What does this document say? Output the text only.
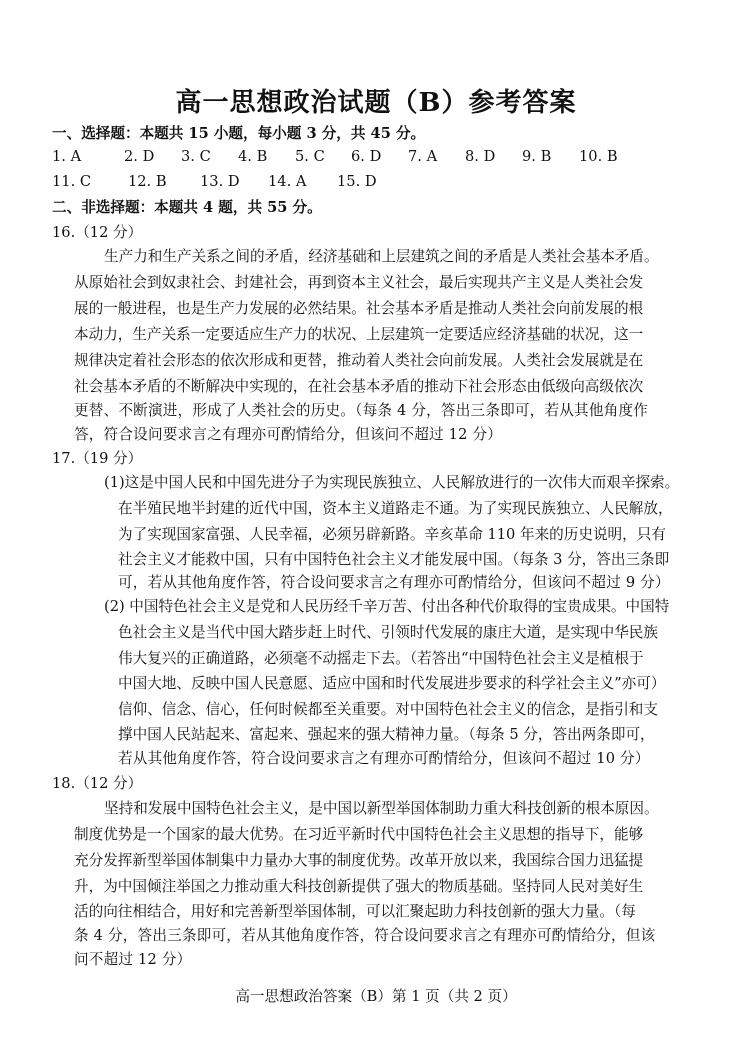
高一思想政治试题（B）参考答案
一、选择题：本题共 15 小题，每小题 3 分，共 45 分。
1. A	2. D 3. C 4. B 5. C 6. D 7. A 8. D 9. B 10. B
11. C	12. B 13. D 14. A 15. D
二、非选择题：本题共 4 题，共 55 分。
16.（12 分）
生产力和生产关系之间的矛盾，经济基础和上层建筑之间的矛盾是人类社会基本矛盾。
从原始社会到奴隶社会、封建社会，再到资本主义社会，最后实现共产主义是人类社会发
展的一般进程，也是生产力发展的必然结果。社会基本矛盾是推动人类社会向前发展的根
本动力，生产关系一定要适应生产力的状况、上层建筑一定要适应经济基础的状况，这一
规律决定着社会形态的依次形成和更替，推动着人类社会向前发展。人类社会发展就是在
社会基本矛盾的不断解决中实现的，在社会基本矛盾的推动下社会形态由低级向高级依次
更替、不断演进，形成了人类社会的历史。（每条 4 分，答出三条即可，若从其他角度作
答，符合设问要求言之有理亦可酌情给分，但该问不超过 12 分）
17.（19 分）
(1)这是中国人民和中国先进分子为实现民族独立、人民解放进行的一次伟大而艰辛探索。
在半殖民地半封建的近代中国，资本主义道路走不通。为了实现民族独立、人民解放，
为了实现国家富强、人民幸福，必须另辟新路。辛亥革命 110 年来的历史说明，只有
社会主义才能救中国，只有中国特色社会主义才能发展中国。（每条 3 分，答出三条即
可，若从其他角度作答，符合设问要求言之有理亦可酌情给分，但该问不超过 9 分）
(2) 中国特色社会主义是党和人民历经千辛万苦、付出各种代价取得的宝贵成果。中国特
色社会主义是当代中国大踏步赶上时代、引领时代发展的康庄大道，是实现中华民族
伟大复兴的正确道路，必须毫不动摇走下去。（若答出“中国特色社会主义是植根于
中国大地、反映中国人民意愿、适应中国和时代发展进步要求的科学社会主义”亦可）
信仰、信念、信心，任何时候都至关重要。对中国特色社会主义的信念，是指引和支
撑中国人民站起来、富起来、强起来的强大精神力量。（每条 5 分，答出两条即可，
若从其他角度作答，符合设问要求言之有理亦可酌情给分，但该问不超过 10 分）
18.（12 分）
坚持和发展中国特色社会主义，是中国以新型举国体制助力重大科技创新的根本原因。
制度优势是一个国家的最大优势。在习近平新时代中国特色社会主义思想的指导下，能够
充分发挥新型举国体制集中力量办大事的制度优势。改革开放以来，我国综合国力迅猛提
升，为中国倾注举国之力推动重大科技创新提供了强大的物质基础。坚持同人民对美好生
活的向往相结合，用好和完善新型举国体制，可以汇聚起助力科技创新的强大力量。（每
条 4 分，答出三条即可，若从其他角度作答，符合设问要求言之有理亦可酌情给分，但该
问不超过 12 分）
高一思想政治答案（B）第 1 页（共 2 页）
